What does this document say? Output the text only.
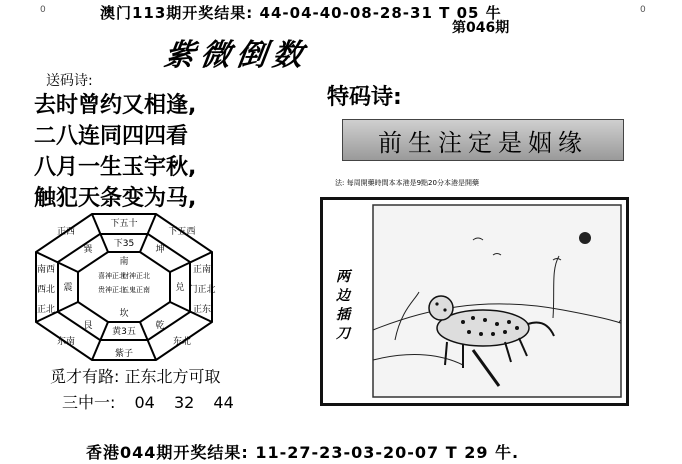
0	0
澳门113期开奖结果: 44-04-40-08-28-31 T 05 牛
第046期
紫微倒数
送码诗:
去时曾约又相逢,
二八连同四四看
八月一生玉宇秋,
触犯天条变为马,
下五十
下五西
正南
门正北
正东
东北
紫子
东南
正北
西北
南西
正西
下35
坤
兑
乾
黄3五
艮
震
巽
南
喜神正北
财神正北
贵神正北
五鬼正南
坎
觅才有路: 正东北方可取
三中一: 04 32 44
特码诗:
前生注定是姻缘
法: 每周開藥時間本本港是9點20分本港是開藥
两边插刀
香港044期开奖结果: 11-27-23-03-20-07 T 29 牛.
